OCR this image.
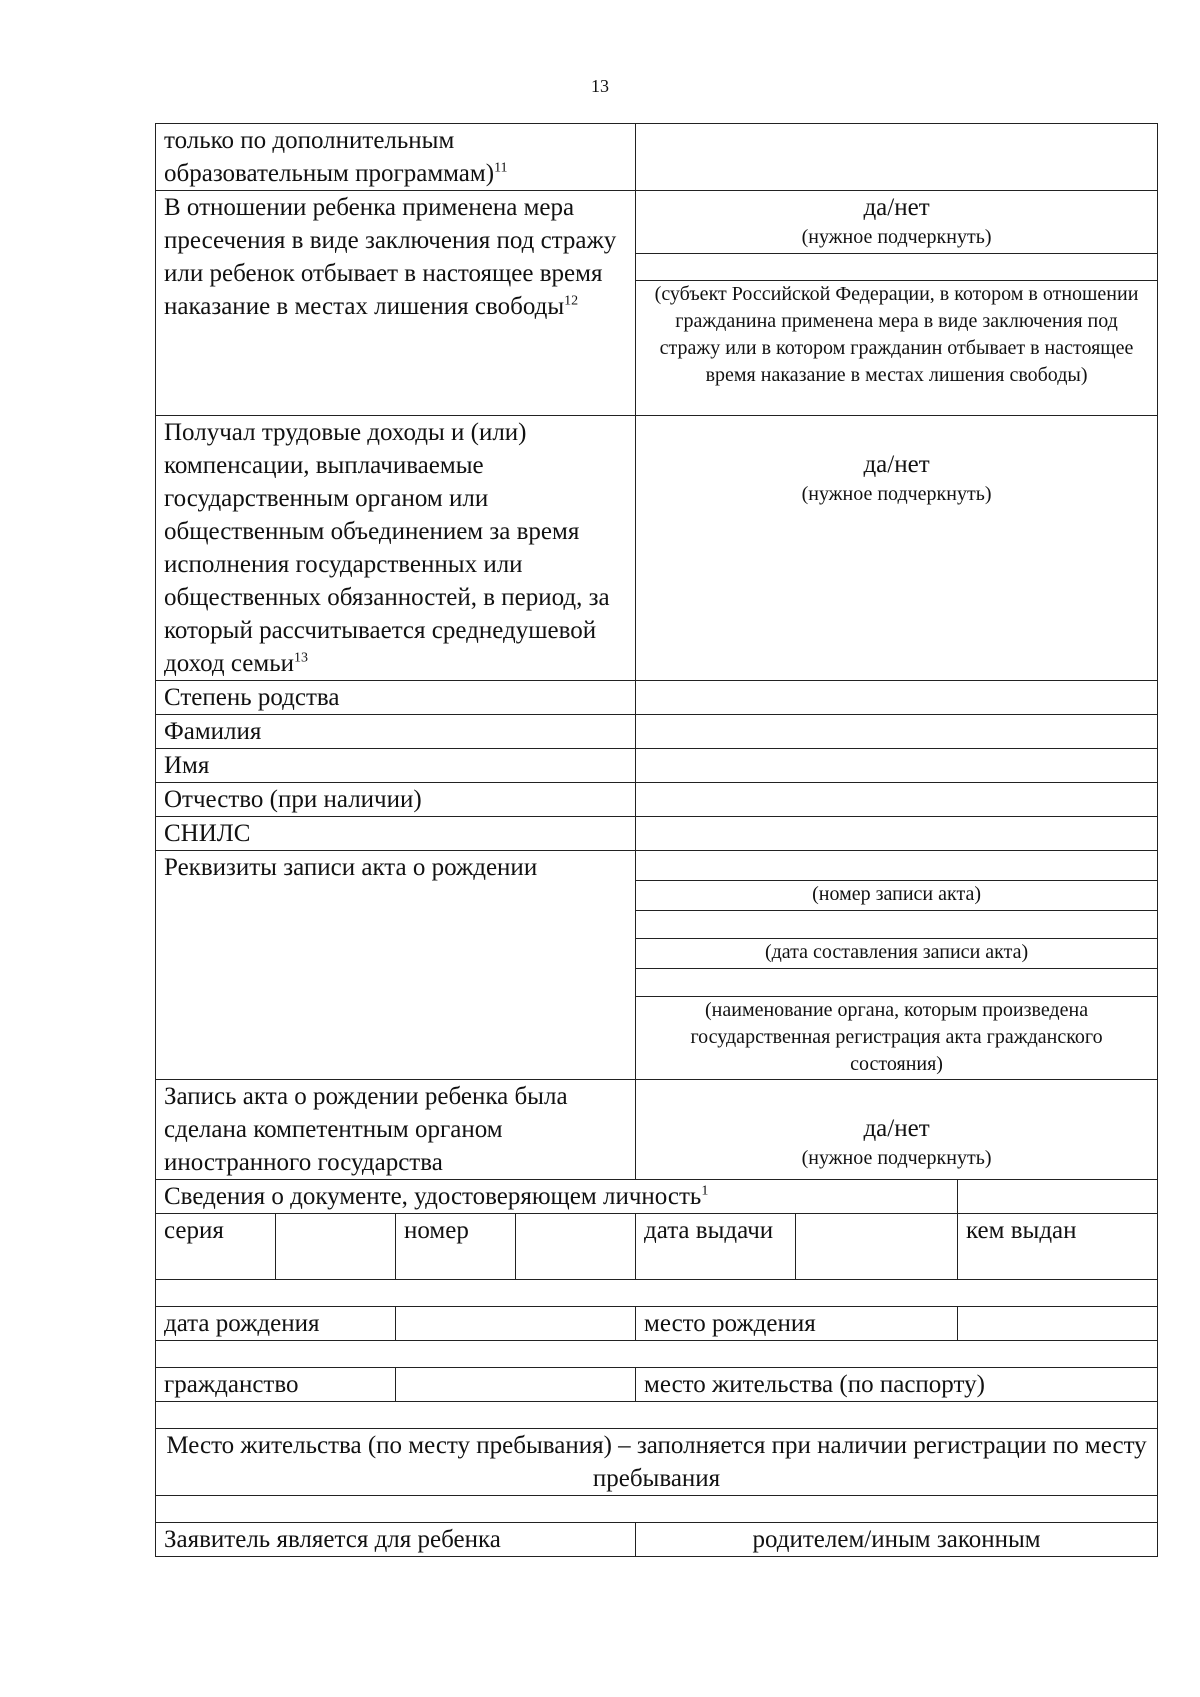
13
только по дополнительным образовательным программам)$^{11}$	
В отношении ребенка применена мера пресечения в виде заключения под стражу или ребенок отбывает в настоящее время наказание в местах лишения свободы$^{12}$				да/нет
(нужное подчеркнуть)		

				(субъект Российской Федерации, в котором в отношении гражданина применена мера в виде заключения под стражу или в котором гражданин отбывает в настоящее время наказание в местах лишения свободы)		
Получал трудовые доходы и (или) компенсации, выплачиваемые государственным органом или общественным объединением за время исполнения государственных или общественных обязанностей, в период, за который рассчитывается среднедушевой доход семьи$^{13}$				да/нет
(нужное подчеркнуть)		

Степень родства						
Фамилия						
Имя						
Отчество (при наличии)						
СНИЛС						
Реквизиты записи акта о рождении						
				(номер записи акта)		

				(дата составления записи акта)		

				(наименование органа, которым произведена государственная регистрация акта гражданского состояния)		
Запись акта о рождении ребенка была сделана компетентным органом иностранного государства				да/нет
(нужное подчеркнуть)		

Сведения о документе, удостоверяющем личность$^1$	
серия		номер		дата выдачи		кем выдан

дата рождения				место рождения		

гражданство				место жительства (по паспорту)		

Место жительства (по месту пребывания) – заполняется при наличии регистрации по месту пребывания						

Заявитель является для ребенка				родителем/иным законным		
